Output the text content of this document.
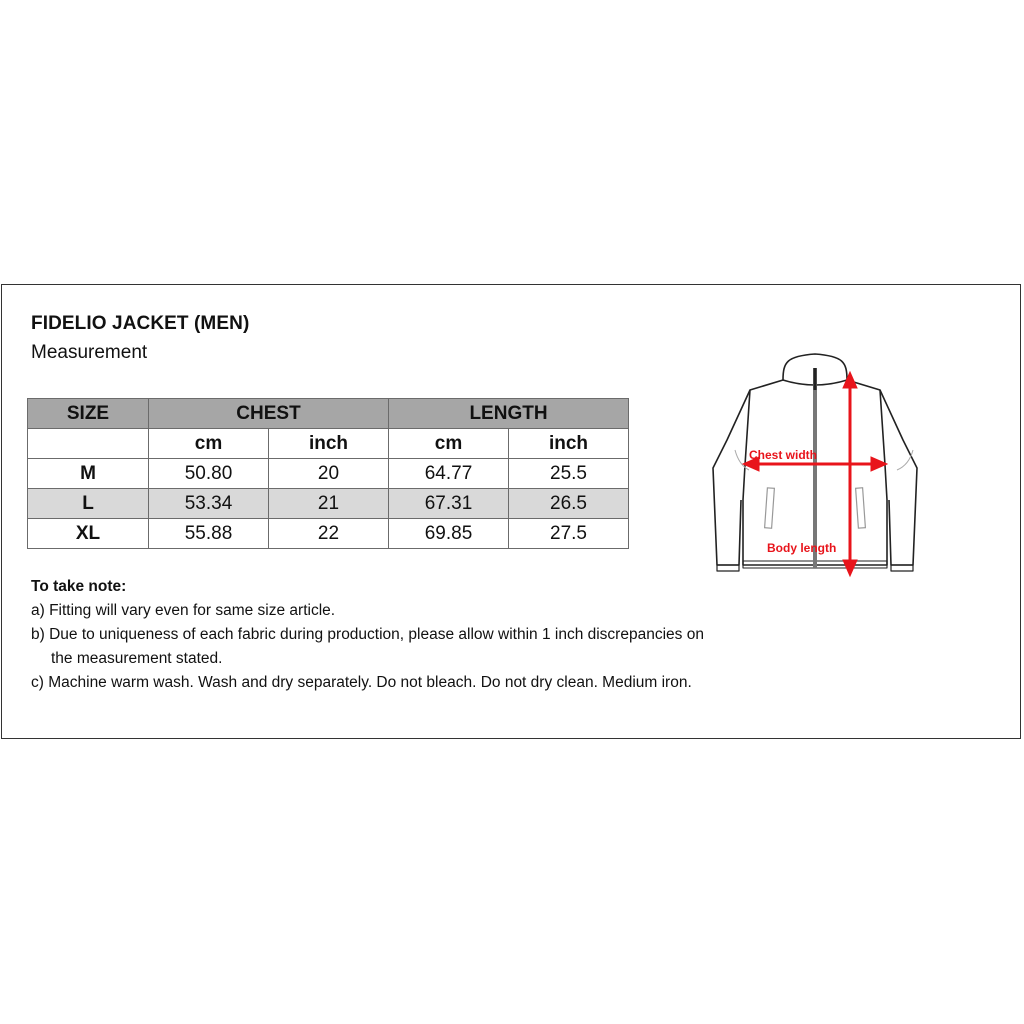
FIDELIO JACKET (MEN)
Measurement
SIZE	CHEST		LENGTH	
	cm	inch	cm	inch
M	50.80	20	64.77	25.5
L	53.34	21	67.31	26.5
XL	55.88	22	69.85	27.5
Chest width
Body length
To take note:
a) Fitting will vary even for same size article.
b) Due to uniqueness of each fabric during production, please allow within 1 inch discrepancies on
the measurement stated.
c) Machine warm wash. Wash and dry separately. Do not bleach. Do not dry clean. Medium iron.
